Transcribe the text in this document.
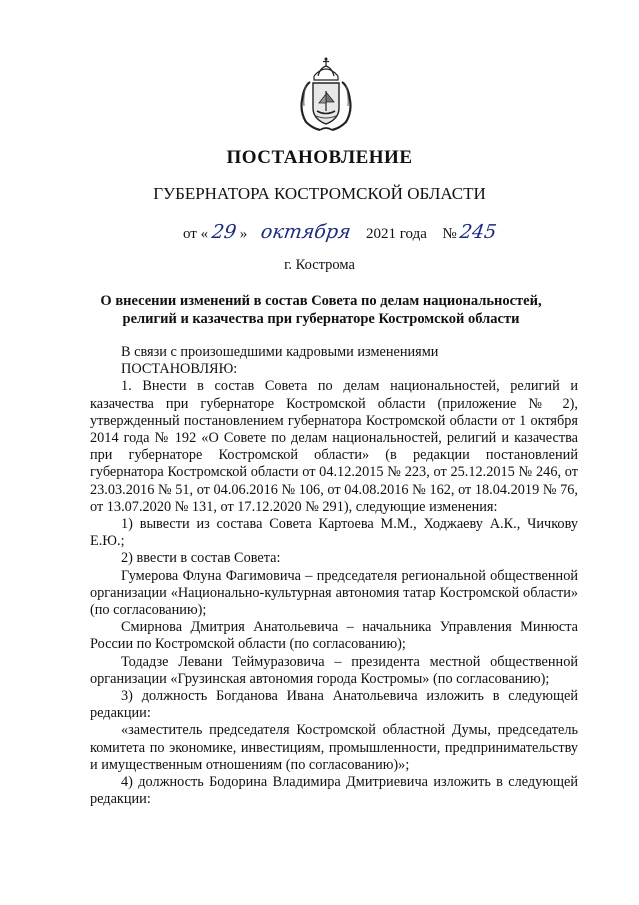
ПОСТАНОВЛЕНИЕ
ГУБЕРНАТОРА КОСТРОМСКОЙ ОБЛАСТИ
от « 29 » октября 2021 года № 245
г. Кострома
О внесении изменений в состав Совета по делам национальностей,
религий и казачества при губернаторе Костромской области

В связи с произошедшими кадровыми изменениями

ПОСТАНОВЛЯЮ:

1. Внести в состав Совета по делам национальностей, религий и казачества при губернаторе Костромской области (приложение № 2), утвержденный постановлением губернатора Костромской области от 1 октября 2014 года № 192 «О Совете по делам национальностей, религий и казачества при губернаторе Костромской области» (в редакции постановлений губернатора Костромской области от 04.12.2015 № 223, от 25.12.2015 № 246, от 23.03.2016 № 51, от 04.06.2016 № 106, от 04.08.2016 № 162, от 18.04.2019 № 76, от 13.07.2020 № 131, от 17.12.2020 № 291), следующие изменения:

1) вывести из состава Совета Картоева М.М., Ходжаеву А.К., Чичкову Е.Ю.;

2) ввести в состав Совета:

Гумерова Флуна Фагимовича – председателя региональной общественной организации «Национально-культурная автономия татар Костромской области» (по согласованию);

Смирнова Дмитрия Анатольевича – начальника Управления Минюста России по Костромской области (по согласованию);

Тодадзе Левани Теймуразовича – президента местной общественной организации «Грузинская автономия города Костромы» (по согласованию);

3) должность Богданова Ивана Анатольевича изложить в следующей редакции:

«заместитель председателя Костромской областной Думы, председатель комитета по экономике, инвестициям, промышленности, предпринимательству и имущественным отношениям (по согласованию)»;

4) должность Бодорина Владимира Дмитриевича изложить в следующей редакции:
